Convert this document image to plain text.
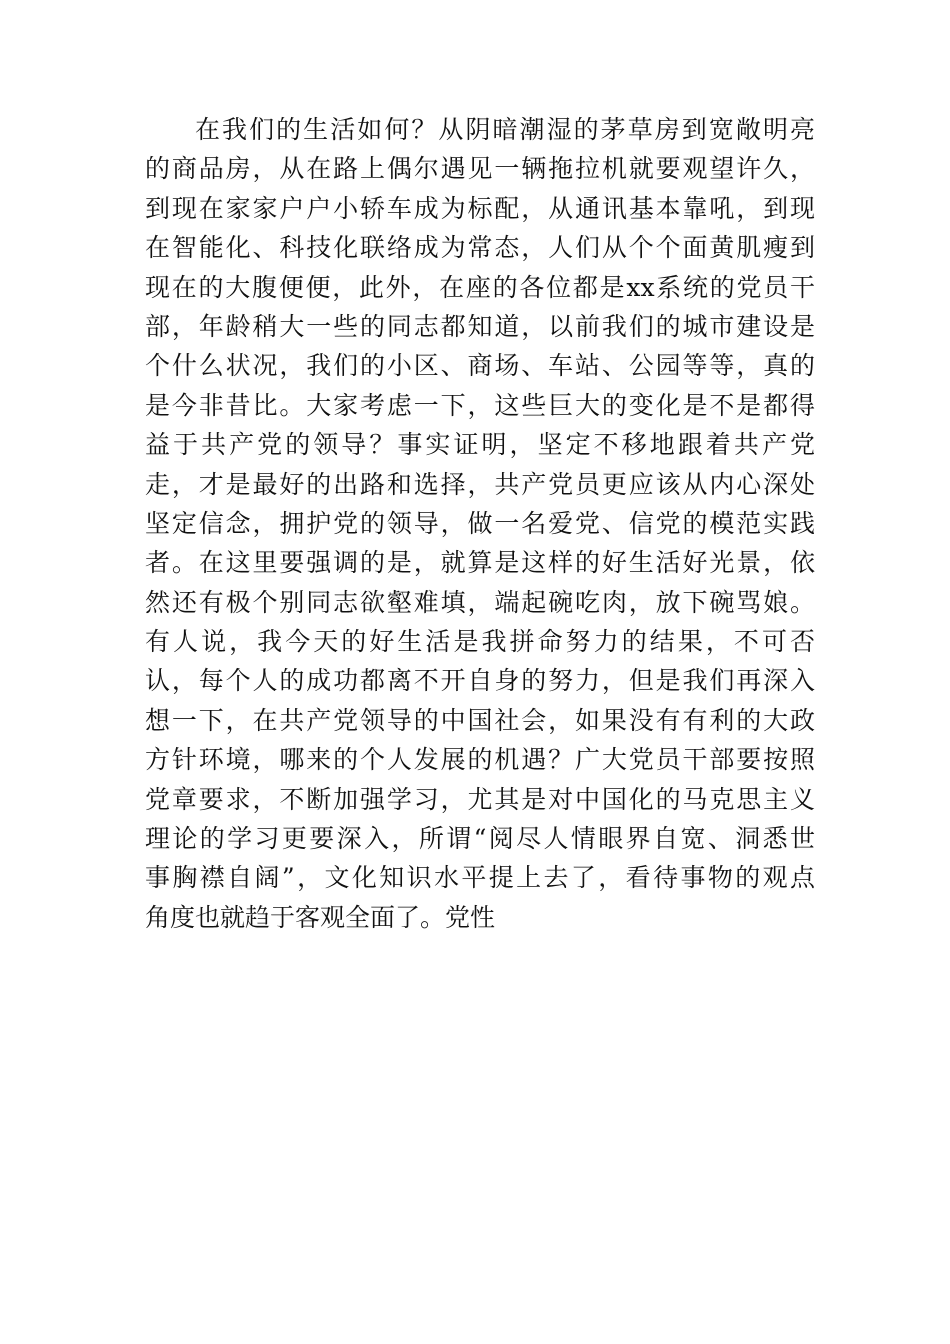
在我们的生活如何？从阴暗潮湿的茅草房到宽敞明亮
的商品房，从在路上偶尔遇见一辆拖拉机就要观望许久，
到现在家家户户小轿车成为标配，从通讯基本靠吼，到现
在智能化、科技化联络成为常态，人们从个个面黄肌瘦到
现在的大腹便便，此外，在座的各位都是xx系统的党员干
部，年龄稍大一些的同志都知道，以前我们的城市建设是
个什么状况，我们的小区、商场、车站、公园等等，真的
是今非昔比。大家考虑一下，这些巨大的变化是不是都得
益于共产党的领导？事实证明，坚定不移地跟着共产党
走，才是最好的出路和选择，共产党员更应该从内心深处
坚定信念，拥护党的领导，做一名爱党、信党的模范实践
者。在这里要强调的是，就算是这样的好生活好光景，依
然还有极个别同志欲壑难填，端起碗吃肉，放下碗骂娘。
有人说，我今天的好生活是我拼命努力的结果，不可否
认，每个人的成功都离不开自身的努力，但是我们再深入
想一下，在共产党领导的中国社会，如果没有有利的大政
方针环境，哪来的个人发展的机遇？广大党员干部要按照
党章要求，不断加强学习，尤其是对中国化的马克思主义
理论的学习更要深入，所谓“阅尽人情眼界自宽、洞悉世
事胸襟自阔”，文化知识水平提上去了，看待事物的观点
角度也就趋于客观全面了。党性
